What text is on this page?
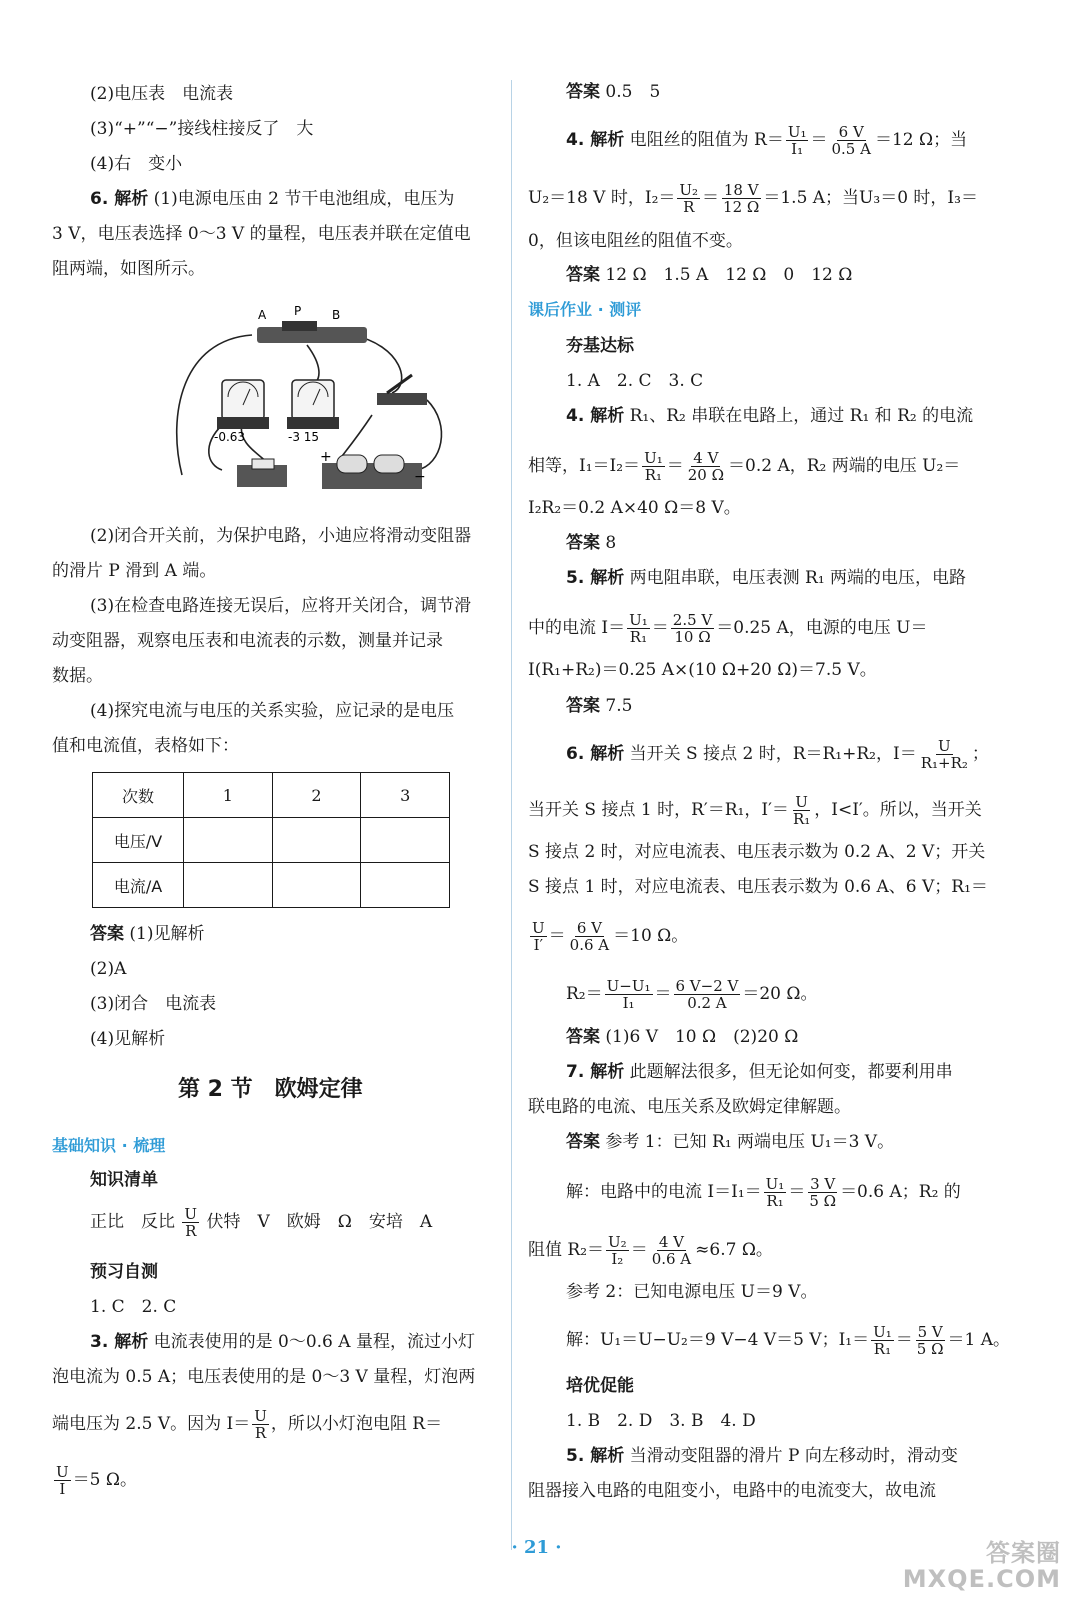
(2)电压表　电流表
(3)“+”“−”接线柱接反了　大
(4)右　变小
6. 解析 (1)电源电压由 2 节干电池组成，电压为
3 V，电压表选择 0～3 V 的量程，电压表并联在定值电
阻两端，如图所示。
A P	B
-0.63	-3 15
+
−
(2)闭合开关前，为保护电路，小迪应将滑动变阻器
的滑片 P 滑到 A 端。
(3)在检查电路连接无误后，应将开关闭合，调节滑
动变阻器，观察电压表和电流表的示数，测量并记录
数据。
(4)探究电流与电压的关系实验，应记录的是电压
值和电流值，表格如下：
次数	1	2	3
电压/V			
电流/A			
答案 (1)见解析
(2)A
(3)闭合　电流表
(4)见解析
第 2 节　欧姆定律
基础知识 · 梳理
知识清单
正比　反比 $\frac{U}{R}$ 伏特　V　欧姆　Ω　安培　A
预习自测
1. C　2. C
3. 解析 电流表使用的是 0～0.6 A 量程，流过小灯
泡电流为 0.5 A；电压表使用的是 0～3 V 量程，灯泡两
端电压为 2.5 V。因为 $I= \frac{U}{R}$ ，所以小灯泡电阻 R＝
$\frac{U}{I} =5$ Ω。
答案 0.5　5
4. 解析 电阻丝的阻值为 $R= \frac{\text{U₁}}{\text{I₁}} = \frac{6 V}{0.5 A} =12$ Ω；当
U₂＝18 V 时，$I_2= \frac{\text{U₂}}{R} = \frac{18 V}{12 \Omega} =1.5$ A；当U₃＝0 时，I₃＝
0，但该电阻丝的阻值不变。
答案 12 Ω　1.5 A　12 Ω　0　12 Ω
课后作业 · 测评
夯基达标
1. A　2. C　3. C
4. 解析 R₁、R₂ 串联在电路上，通过 R₁ 和 R₂ 的电流
相等，$I_1=I_2= \frac{\text{U₁}}{\text{R₁}} = \frac{4 V}{20 \Omega} =0.2$ A，R₂ 两端的电压 U₂＝
I₂R₂＝0.2 A×40 Ω＝8 V。
答案 8
5. 解析 两电阻串联，电压表测 R₁ 两端的电压，电路
中的电流 $I= \frac{\text{U₁}}{\text{R₁}} = \frac{2.5 V}{10 \Omega} =0.25$ A，电源的电压 U＝
I(R₁+R₂)＝0.25 A×(10 Ω+20 Ω)＝7.5 V。
答案 7.5
6. 解析 当开关 S 接点 2 时，R＝R₁+R₂，$I= \frac{U}{\text{R₁+R₂}}$ ；
当开关 S 接点 1 时，R′＝R₁，$I'= \frac{U}{\text{R₁}}$ ，I<I′。所以，当开关
S 接点 2 时，对应电流表、电压表示数为 0.2 A、2 V；开关
S 接点 1 时，对应电流表、电压表示数为 0.6 A、6 V；R₁＝
$\frac{U}{I'} = \frac{6 V}{0.6 A} =10$ Ω。
$R_2= \frac{\text{U−U₁}}{\text{I₁}} = \frac{6 V-2 V}{0.2 A} =20$ Ω。
答案 (1)6 V　10 Ω　(2)20 Ω
7. 解析 此题解法很多，但无论如何变，都要利用串
联电路的电流、电压关系及欧姆定律解题。
答案 参考 1：已知 R₁ 两端电压 U₁＝3 V。
解：电路中的电流 $I=I_1= \frac{\text{U₁}}{\text{R₁}} = \frac{3 V}{5 \Omega} =0.6$ A；R₂ 的
阻值 $R_2= \frac{\text{U₂}}{\text{I₂}} = \frac{4 V}{0.6 A} \approx 6.7$ Ω。
参考 2：已知电源电压 U＝9 V。
解：U₁＝U−U₂＝9 V−4 V＝5 V；$I_1= \frac{\text{U₁}}{\text{R₁}} = \frac{5 V}{5 \Omega} =1$ A。
培优促能
1. B　2. D　3. B　4. D
5. 解析 当滑动变阻器的滑片 P 向左移动时，滑动变
阻器接入电路的电阻变小，电路中的电流变大，故电流
· 21 ·	答案圈
MXQE.COM
